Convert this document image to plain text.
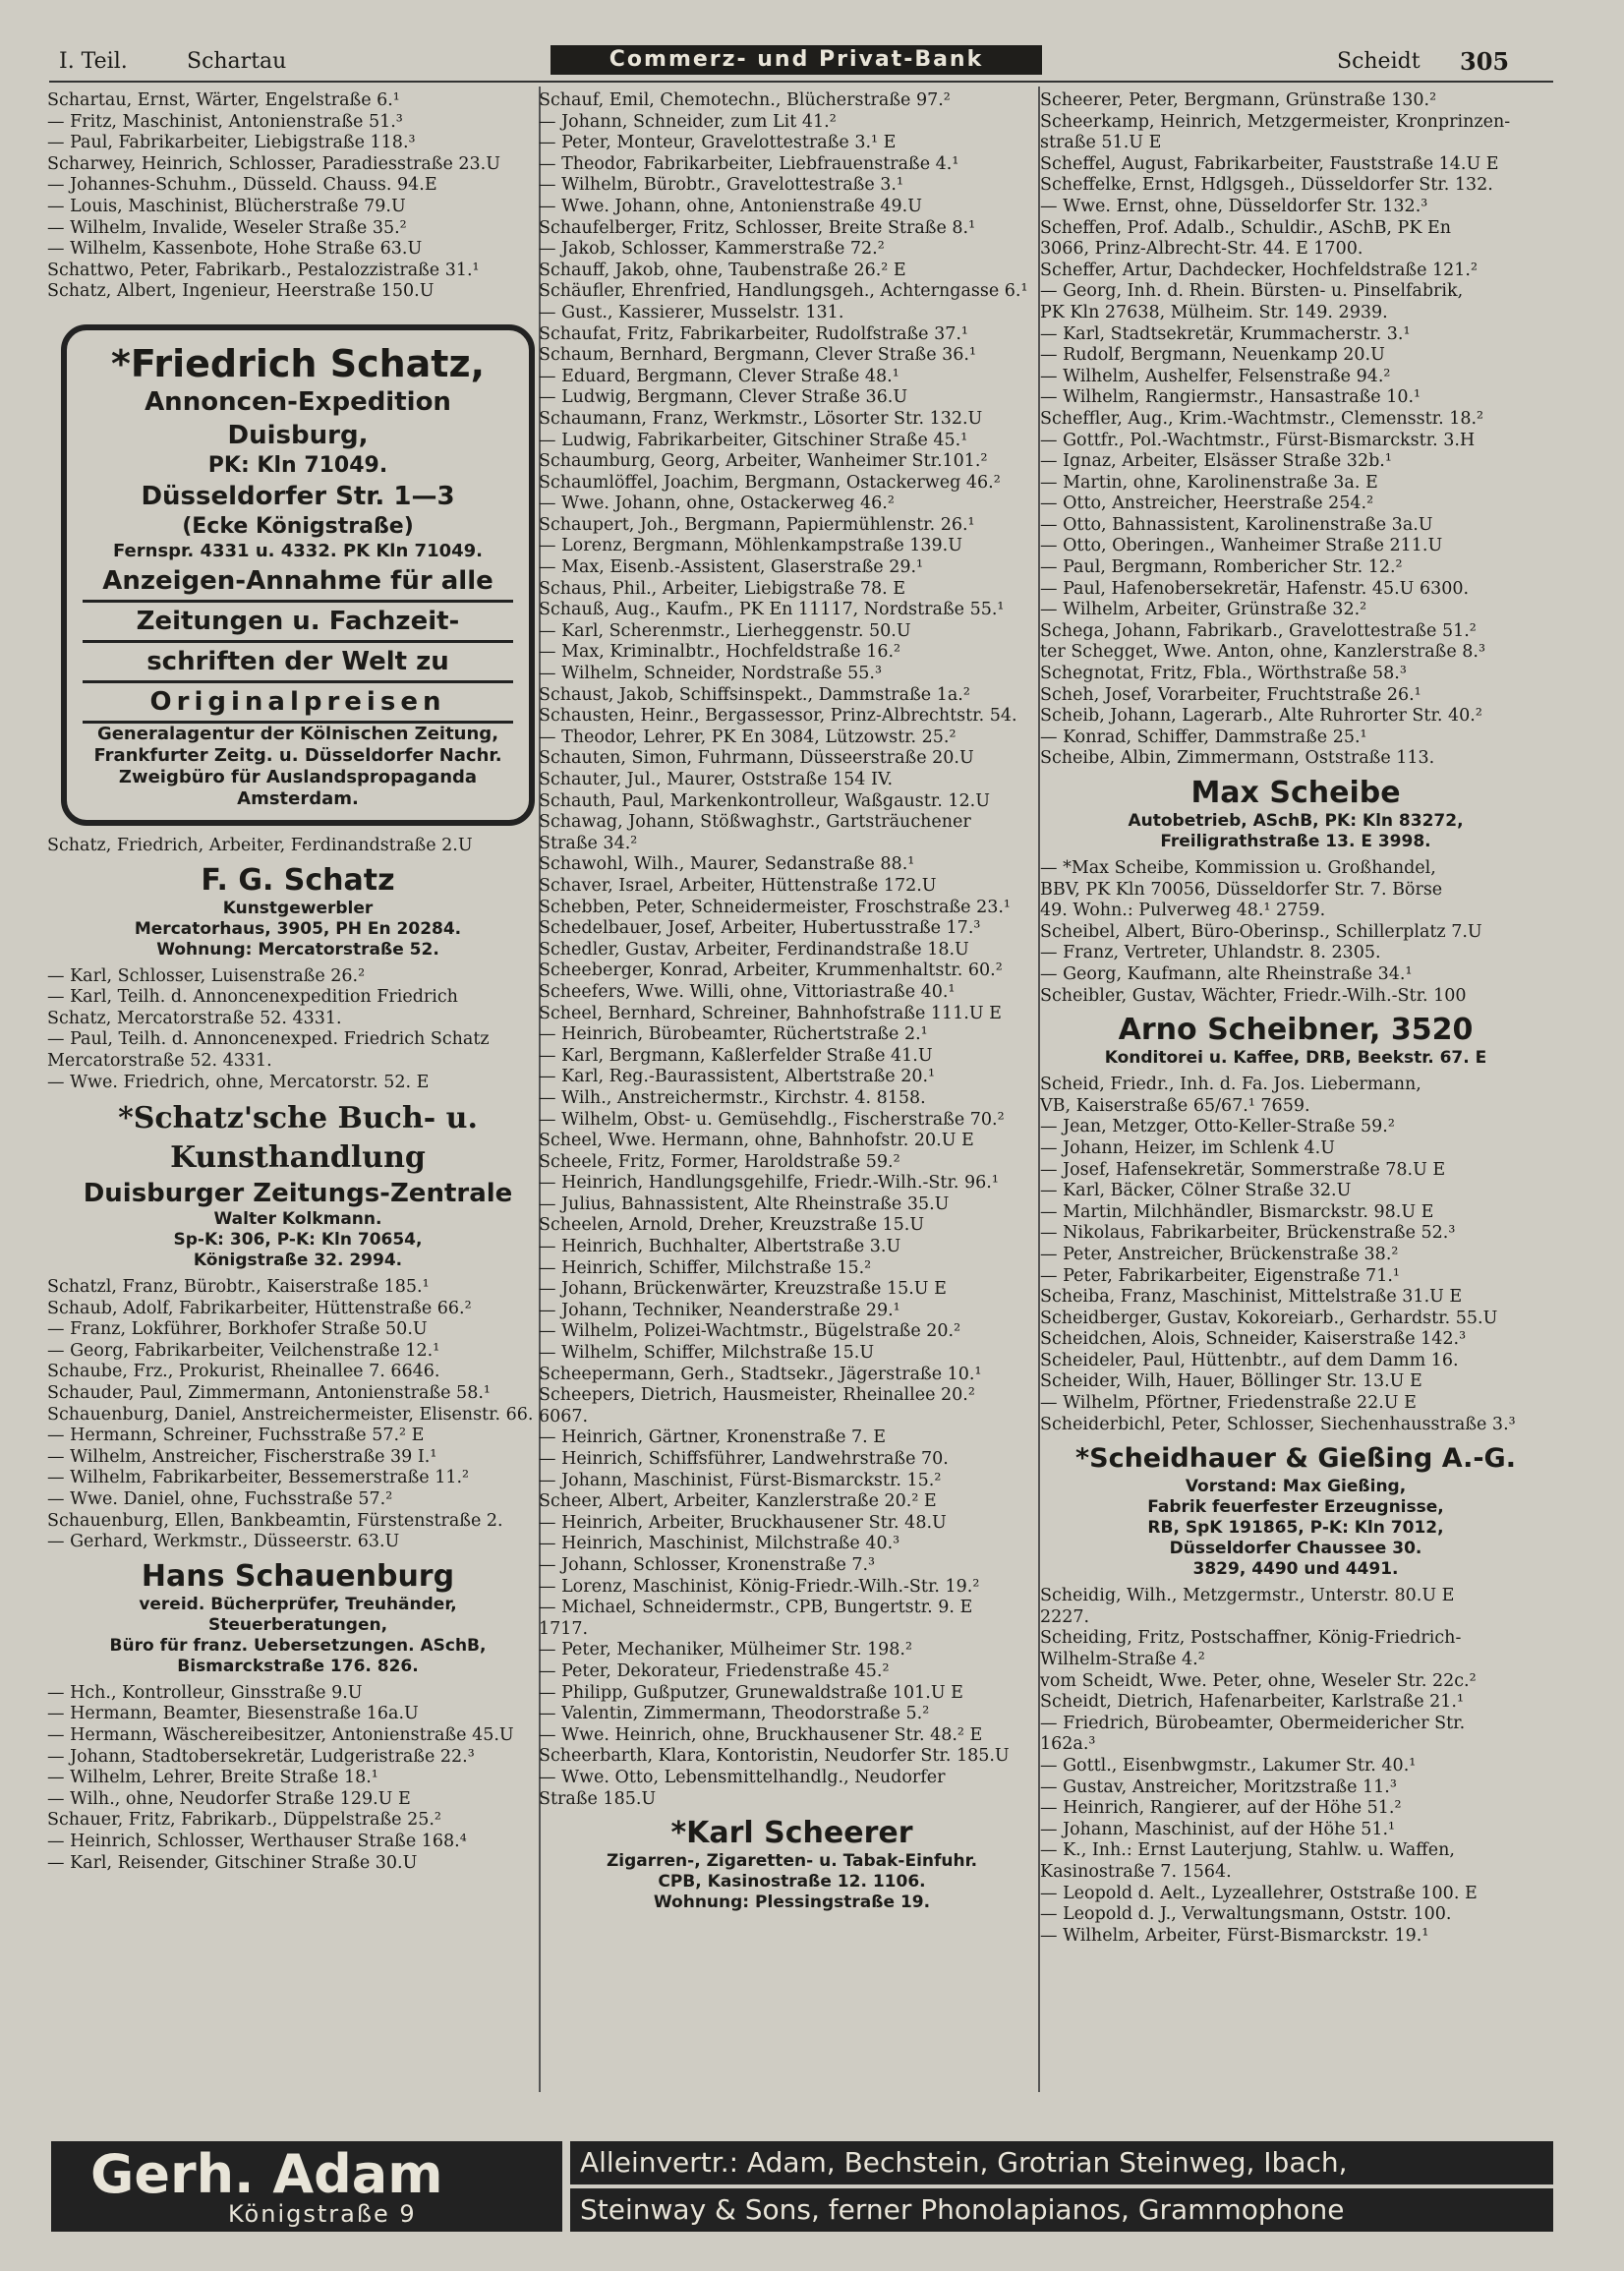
I. Teil.	Schartau	Commerz- und Privat-Bank	Scheidt 305

Schartau, Ernst, Wärter, Engelstraße 6.¹

— Fritz, Maschinist, Antonienstraße 51.³

— Paul, Fabrikarbeiter, Liebigstraße 118.³

Scharwey, Heinrich, Schlosser, Paradiesstraße 23.U

— Johannes-Schuhm., Düsseld. Chauss. 94.E

— Louis, Maschinist, Blücherstraße 79.U

— Wilhelm, Invalide, Weseler Straße 35.²

— Wilhelm, Kassenbote, Hohe Straße 63.U

Schattwo, Peter, Fabrikarb., Pestalozzistraße 31.¹

Schatz, Albert, Ingenieur, Heerstraße 150.U

*Friedrich Schatz,
Annoncen-Expedition
Duisburg,
PK: Kln 71049.
Düsseldorfer Str. 1—3
(Ecke Königstraße)
Fernspr. 4331 u. 4332. PK Kln 71049.
Anzeigen-Annahme für alle
Zeitungen u. Fachzeit-
schriften der Welt zu
Originalpreisen
Generalagentur der Kölnischen Zeitung,
Frankfurter Zeitg. u. Düsseldorfer Nachr.
Zweigbüro für Auslandspropaganda
Amsterdam.

Schatz, Friedrich, Arbeiter, Ferdinandstraße 2.U

F. G. Schatz
Kunstgewerbler
Mercatorhaus, 3905, PH En 20284.
Wohnung: Mercatorstraße 52.

— Karl, Schlosser, Luisenstraße 26.²

— Karl, Teilh. d. Annoncenexpedition Friedrich

Schatz, Mercatorstraße 52. 4331.

— Paul, Teilh. d. Annoncenexped. Friedrich Schatz

Mercatorstraße 52. 4331.

— Wwe. Friedrich, ohne, Mercatorstr. 52. E

*Schatz'sche Buch- u. Kunsthandlung
Duisburger Zeitungs-Zentrale
Walter Kolkmann.
Sp-K: 306, P-K: Kln 70654,
Königstraße 32. 2994.

Schatzl, Franz, Bürobtr., Kaiserstraße 185.¹

Schaub, Adolf, Fabrikarbeiter, Hüttenstraße 66.²

— Franz, Lokführer, Borkhofer Straße 50.U

— Georg, Fabrikarbeiter, Veilchenstraße 12.¹

Schaube, Frz., Prokurist, Rheinallee 7. 6646.

Schauder, Paul, Zimmermann, Antonienstraße 58.¹

Schauenburg, Daniel, Anstreichermeister, Elisenstr. 66.

— Hermann, Schreiner, Fuchsstraße 57.² E

— Wilhelm, Anstreicher, Fischerstraße 39 I.¹

— Wilhelm, Fabrikarbeiter, Bessemerstraße 11.²

— Wwe. Daniel, ohne, Fuchsstraße 57.²

Schauenburg, Ellen, Bankbeamtin, Fürstenstraße 2.

— Gerhard, Werkmstr., Düsseerstr. 63.U

Hans Schauenburg
vereid. Bücherprüfer, Treuhänder,
Steuerberatungen,
Büro für franz. Uebersetzungen. ASchB,
Bismarckstraße 176. 826.

— Hch., Kontrolleur, Ginsstraße 9.U

— Hermann, Beamter, Biesenstraße 16a.U

— Hermann, Wäschereibesitzer, Antonienstraße 45.U

— Johann, Stadtobersekretär, Ludgeristraße 22.³

— Wilhelm, Lehrer, Breite Straße 18.¹

— Wilh., ohne, Neudorfer Straße 129.U E

Schauer, Fritz, Fabrikarb., Düppelstraße 25.²

— Heinrich, Schlosser, Werthauser Straße 168.⁴

— Karl, Reisender, Gitschiner Straße 30.U

Schauf, Emil, Chemotechn., Blücherstraße 97.²

— Johann, Schneider, zum Lit 41.²

— Peter, Monteur, Gravelottestraße 3.¹ E

— Theodor, Fabrikarbeiter, Liebfrauenstraße 4.¹

— Wilhelm, Bürobtr., Gravelottestraße 3.¹

— Wwe. Johann, ohne, Antonienstraße 49.U

Schaufelberger, Fritz, Schlosser, Breite Straße 8.¹

— Jakob, Schlosser, Kammerstraße 72.²

Schauff, Jakob, ohne, Taubenstraße 26.² E

Schäufler, Ehrenfried, Handlungsgeh., Achterngasse 6.¹

— Gust., Kassierer, Musselstr. 131.

Schaufat, Fritz, Fabrikarbeiter, Rudolfstraße 37.¹

Schaum, Bernhard, Bergmann, Clever Straße 36.¹

— Eduard, Bergmann, Clever Straße 48.¹

— Ludwig, Bergmann, Clever Straße 36.U

Schaumann, Franz, Werkmstr., Lösorter Str. 132.U

— Ludwig, Fabrikarbeiter, Gitschiner Straße 45.¹

Schaumburg, Georg, Arbeiter, Wanheimer Str.101.²

Schaumlöffel, Joachim, Bergmann, Ostackerweg 46.²

— Wwe. Johann, ohne, Ostackerweg 46.²

Schaupert, Joh., Bergmann, Papiermühlenstr. 26.¹

— Lorenz, Bergmann, Möhlenkampstraße 139.U

— Max, Eisenb.-Assistent, Glaserstraße 29.¹

Schaus, Phil., Arbeiter, Liebigstraße 78. E

Schauß, Aug., Kaufm., PK En 11117, Nordstraße 55.¹

— Karl, Scherenmstr., Lierheggenstr. 50.U

— Max, Kriminalbtr., Hochfeldstraße 16.²

— Wilhelm, Schneider, Nordstraße 55.³

Schaust, Jakob, Schiffsinspekt., Dammstraße 1a.²

Schausten, Heinr., Bergassessor, Prinz-Albrechtstr. 54.

— Theodor, Lehrer, PK En 3084, Lützowstr. 25.²

Schauten, Simon, Fuhrmann, Düsseerstraße 20.U

Schauter, Jul., Maurer, Oststraße 154 IV.

Schauth, Paul, Markenkontrolleur, Waßgaustr. 12.U

Schawag, Johann, Stößwaghstr., Gartsträuchener

Straße 34.²

Schawohl, Wilh., Maurer, Sedanstraße 88.¹

Schaver, Israel, Arbeiter, Hüttenstraße 172.U

Schebben, Peter, Schneidermeister, Froschstraße 23.¹

Schedelbauer, Josef, Arbeiter, Hubertusstraße 17.³

Schedler, Gustav, Arbeiter, Ferdinandstraße 18.U

Scheeberger, Konrad, Arbeiter, Krummenhaltstr. 60.²

Scheefers, Wwe. Willi, ohne, Vittoriastraße 40.¹

Scheel, Bernhard, Schreiner, Bahnhofstraße 111.U E

— Heinrich, Bürobeamter, Rüchertstraße 2.¹

— Karl, Bergmann, Kaßlerfelder Straße 41.U

— Karl, Reg.-Baurassistent, Albertstraße 20.¹

— Wilh., Anstreichermstr., Kirchstr. 4. 8158.

— Wilhelm, Obst- u. Gemüsehdlg., Fischerstraße 70.²

Scheel, Wwe. Hermann, ohne, Bahnhofstr. 20.U E

Scheele, Fritz, Former, Haroldstraße 59.²

— Heinrich, Handlungsgehilfe, Friedr.-Wilh.-Str. 96.¹

— Julius, Bahnassistent, Alte Rheinstraße 35.U

Scheelen, Arnold, Dreher, Kreuzstraße 15.U

— Heinrich, Buchhalter, Albertstraße 3.U

— Heinrich, Schiffer, Milchstraße 15.²

— Johann, Brückenwärter, Kreuzstraße 15.U E

— Johann, Techniker, Neanderstraße 29.¹

— Wilhelm, Polizei-Wachtmstr., Bügelstraße 20.²

— Wilhelm, Schiffer, Milchstraße 15.U

Scheepermann, Gerh., Stadtsekr., Jägerstraße 10.¹

Scheepers, Dietrich, Hausmeister, Rheinallee 20.²

6067.

— Heinrich, Gärtner, Kronenstraße 7. E

— Heinrich, Schiffsführer, Landwehrstraße 70.

— Johann, Maschinist, Fürst-Bismarckstr. 15.²

Scheer, Albert, Arbeiter, Kanzlerstraße 20.² E

— Heinrich, Arbeiter, Bruckhausener Str. 48.U

— Heinrich, Maschinist, Milchstraße 40.³

— Johann, Schlosser, Kronenstraße 7.³

— Lorenz, Maschinist, König-Friedr.-Wilh.-Str. 19.²

— Michael, Schneidermstr., CPB, Bungertstr. 9. E

1717.

— Peter, Mechaniker, Mülheimer Str. 198.²

— Peter, Dekorateur, Friedenstraße 45.²

— Philipp, Gußputzer, Grunewaldstraße 101.U E

— Valentin, Zimmermann, Theodorstraße 5.²

— Wwe. Heinrich, ohne, Bruckhausener Str. 48.² E

Scheerbarth, Klara, Kontoristin, Neudorfer Str. 185.U

— Wwe. Otto, Lebensmittelhandlg., Neudorfer

Straße 185.U

*Karl Scheerer
Zigarren-, Zigaretten- u. Tabak-Einfuhr.
CPB, Kasinostraße 12. 1106.
Wohnung: Plessingstraße 19.

Scheerer, Peter, Bergmann, Grünstraße 130.²

Scheerkamp, Heinrich, Metzgermeister, Kronprinzen-

straße 51.U E

Scheffel, August, Fabrikarbeiter, Fauststraße 14.U E

Scheffelke, Ernst, Hdlgsgeh., Düsseldorfer Str. 132.

— Wwe. Ernst, ohne, Düsseldorfer Str. 132.³

Scheffen, Prof. Adalb., Schuldir., ASchB, PK En

3066, Prinz-Albrecht-Str. 44. E 1700.

Scheffer, Artur, Dachdecker, Hochfeldstraße 121.²

— Georg, Inh. d. Rhein. Bürsten- u. Pinselfabrik,

PK Kln 27638, Mülheim. Str. 149. 2939.

— Karl, Stadtsekretär, Krummacherstr. 3.¹

— Rudolf, Bergmann, Neuenkamp 20.U

— Wilhelm, Aushelfer, Felsenstraße 94.²

— Wilhelm, Rangiermstr., Hansastraße 10.¹

Scheffler, Aug., Krim.-Wachtmstr., Clemensstr. 18.²

— Gottfr., Pol.-Wachtmstr., Fürst-Bismarckstr. 3.H

— Ignaz, Arbeiter, Elsässer Straße 32b.¹

— Martin, ohne, Karolinenstraße 3a. E

— Otto, Anstreicher, Heerstraße 254.²

— Otto, Bahnassistent, Karolinenstraße 3a.U

— Otto, Oberingen., Wanheimer Straße 211.U

— Paul, Bergmann, Rombericher Str. 12.²

— Paul, Hafenobersekretär, Hafenstr. 45.U 6300.

— Wilhelm, Arbeiter, Grünstraße 32.²

Schega, Johann, Fabrikarb., Gravelottestraße 51.²

ter Schegget, Wwe. Anton, ohne, Kanzlerstraße 8.³

Schegnotat, Fritz, Fbla., Wörthstraße 58.³

Scheh, Josef, Vorarbeiter, Fruchtstraße 26.¹

Scheib, Johann, Lagerarb., Alte Ruhrorter Str. 40.²

— Konrad, Schiffer, Dammstraße 25.¹

Scheibe, Albin, Zimmermann, Oststraße 113.

Max Scheibe
Autobetrieb, ASchB, PK: Kln 83272,
Freiligrathstraße 13. E 3998.

— *Max Scheibe, Kommission u. Großhandel,

BBV, PK Kln 70056, Düsseldorfer Str. 7. Börse

49. Wohn.: Pulverweg 48.¹ 2759.

Scheibel, Albert, Büro-Oberinsp., Schillerplatz 7.U

— Franz, Vertreter, Uhlandstr. 8. 2305.

— Georg, Kaufmann, alte Rheinstraße 34.¹

Scheibler, Gustav, Wächter, Friedr.-Wilh.-Str. 100

Arno Scheibner, 3520
Konditorei u. Kaffee, DRB, Beekstr. 67. E

Scheid, Friedr., Inh. d. Fa. Jos. Liebermann,

VB, Kaiserstraße 65/67.¹ 7659.

— Jean, Metzger, Otto-Keller-Straße 59.²

— Johann, Heizer, im Schlenk 4.U

— Josef, Hafensekretär, Sommerstraße 78.U E

— Karl, Bäcker, Cölner Straße 32.U

— Martin, Milchhändler, Bismarckstr. 98.U E

— Nikolaus, Fabrikarbeiter, Brückenstraße 52.³

— Peter, Anstreicher, Brückenstraße 38.²

— Peter, Fabrikarbeiter, Eigenstraße 71.¹

Scheiba, Franz, Maschinist, Mittelstraße 31.U E

Scheidberger, Gustav, Kokoreiarb., Gerhardstr. 55.U

Scheidchen, Alois, Schneider, Kaiserstraße 142.³

Scheideler, Paul, Hüttenbtr., auf dem Damm 16.

Scheider, Wilh, Hauer, Böllinger Str. 13.U E

— Wilhelm, Pförtner, Friedenstraße 22.U E

Scheiderbichl, Peter, Schlosser, Siechenhausstraße 3.³

*Scheidhauer & Gießing A.-G.
Vorstand: Max Gießing,
Fabrik feuerfester Erzeugnisse,
RB, SpK 191865, P-K: Kln 7012,
Düsseldorfer Chaussee 30.
3829, 4490 und 4491.

Scheidig, Wilh., Metzgermstr., Unterstr. 80.U E

2227.

Scheiding, Fritz, Postschaffner, König-Friedrich-

Wilhelm-Straße 4.²

vom Scheidt, Wwe. Peter, ohne, Weseler Str. 22c.²

Scheidt, Dietrich, Hafenarbeiter, Karlstraße 21.¹

— Friedrich, Bürobeamter, Obermeidericher Str.

162a.³

— Gottl., Eisenbwgmstr., Lakumer Str. 40.¹

— Gustav, Anstreicher, Moritzstraße 11.³

— Heinrich, Rangierer, auf der Höhe 51.²

— Johann, Maschinist, auf der Höhe 51.¹

— K., Inh.: Ernst Lauterjung, Stahlw. u. Waffen,

Kasinostraße 7. 1564.

— Leopold d. Aelt., Lyzeallehrer, Oststraße 100. E

— Leopold d. J., Verwaltungsmann, Oststr. 100.

— Wilhelm, Arbeiter, Fürst-Bismarckstr. 19.¹

Gerh. Adam
Königstraße 9
Alleinvertr.: Adam, Bechstein, Grotrian Steinweg, Ibach,
Steinway & Sons, ferner Phonolapianos, Grammophone
